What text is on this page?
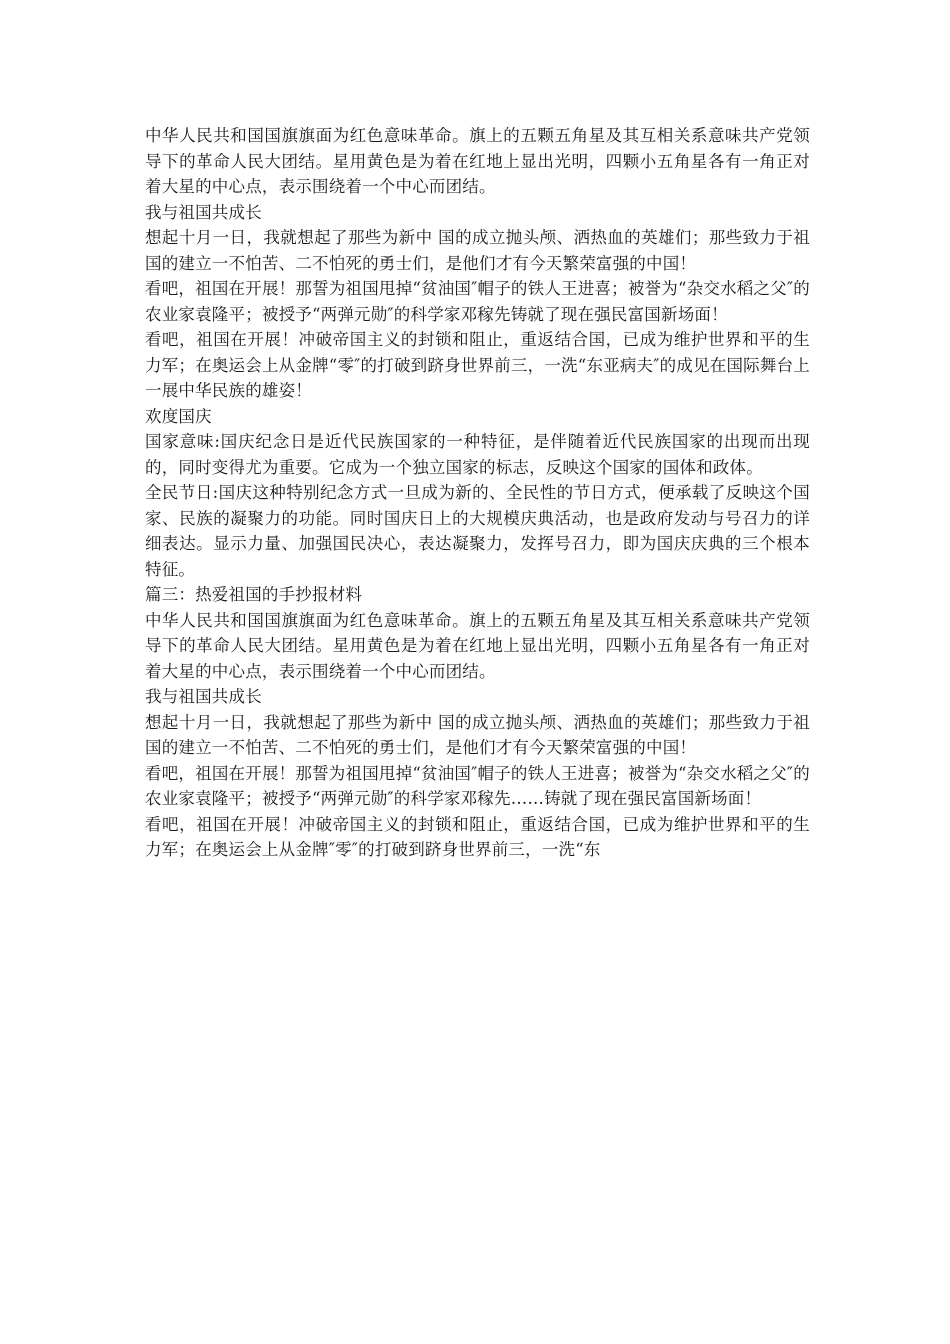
中华人民共和国国旗旗面为红色意味革命。旗上的五颗五角星及其互相关系意味共产党领导下的革命人民大团结。星用黄色是为着在红地上显出光明，四颗小五角星各有一角正对着大星的中心点，表示围绕着一个中心而团结。

我与祖国共成长

想起十月一日，我就想起了那些为新中 国的成立抛头颅、洒热血的英雄们；那些致力于祖国的建立一不怕苦、二不怕死的勇士们，是他们才有今天繁荣富强的中国！

看吧，祖国在开展！那誓为祖国甩掉“贫油国″帽子的铁人王进喜；被誉为“杂交水稻之父″的农业家袁隆平；被授予“两弹元勋″的科学家邓稼先铸就了现在强民富国新场面！

看吧，祖国在开展！冲破帝国主义的封锁和阻止，重返结合国，已成为维护世界和平的生力军；在奥运会上从金牌“零″的打破到跻身世界前三，一洗“东亚病夫″的成见在国际舞台上一展中华民族的雄姿！

欢度国庆

国家意味:国庆纪念日是近代民族国家的一种特征，是伴随着近代民族国家的出现而出现的，同时变得尤为重要。它成为一个独立国家的标志，反映这个国家的国体和政体。

全民节日:国庆这种特别纪念方式一旦成为新的、全民性的节日方式，便承载了反映这个国家、民族的凝聚力的功能。同时国庆日上的大规模庆典活动，也是政府发动与号召力的详细表达。显示力量、加强国民决心，表达凝聚力，发挥号召力，即为国庆庆典的三个根本特征。

篇三：热爱祖国的手抄报材料

中华人民共和国国旗旗面为红色意味革命。旗上的五颗五角星及其互相关系意味共产党领导下的革命人民大团结。星用黄色是为着在红地上显出光明，四颗小五角星各有一角正对着大星的中心点，表示围绕着一个中心而团结。

我与祖国共成长

想起十月一日，我就想起了那些为新中 国的成立抛头颅、洒热血的英雄们；那些致力于祖国的建立一不怕苦、二不怕死的勇士们，是他们才有今天繁荣富强的中国！

看吧，祖国在开展！那誓为祖国甩掉“贫油国″帽子的铁人王进喜；被誉为“杂交水稻之父″的农业家袁隆平；被授予“两弹元勋″的科学家邓稼先……铸就了现在强民富国新场面！

看吧，祖国在开展！冲破帝国主义的封锁和阻止，重返结合国，已成为维护世界和平的生力军；在奥运会上从金牌″零″的打破到跻身世界前三，一洗“东
